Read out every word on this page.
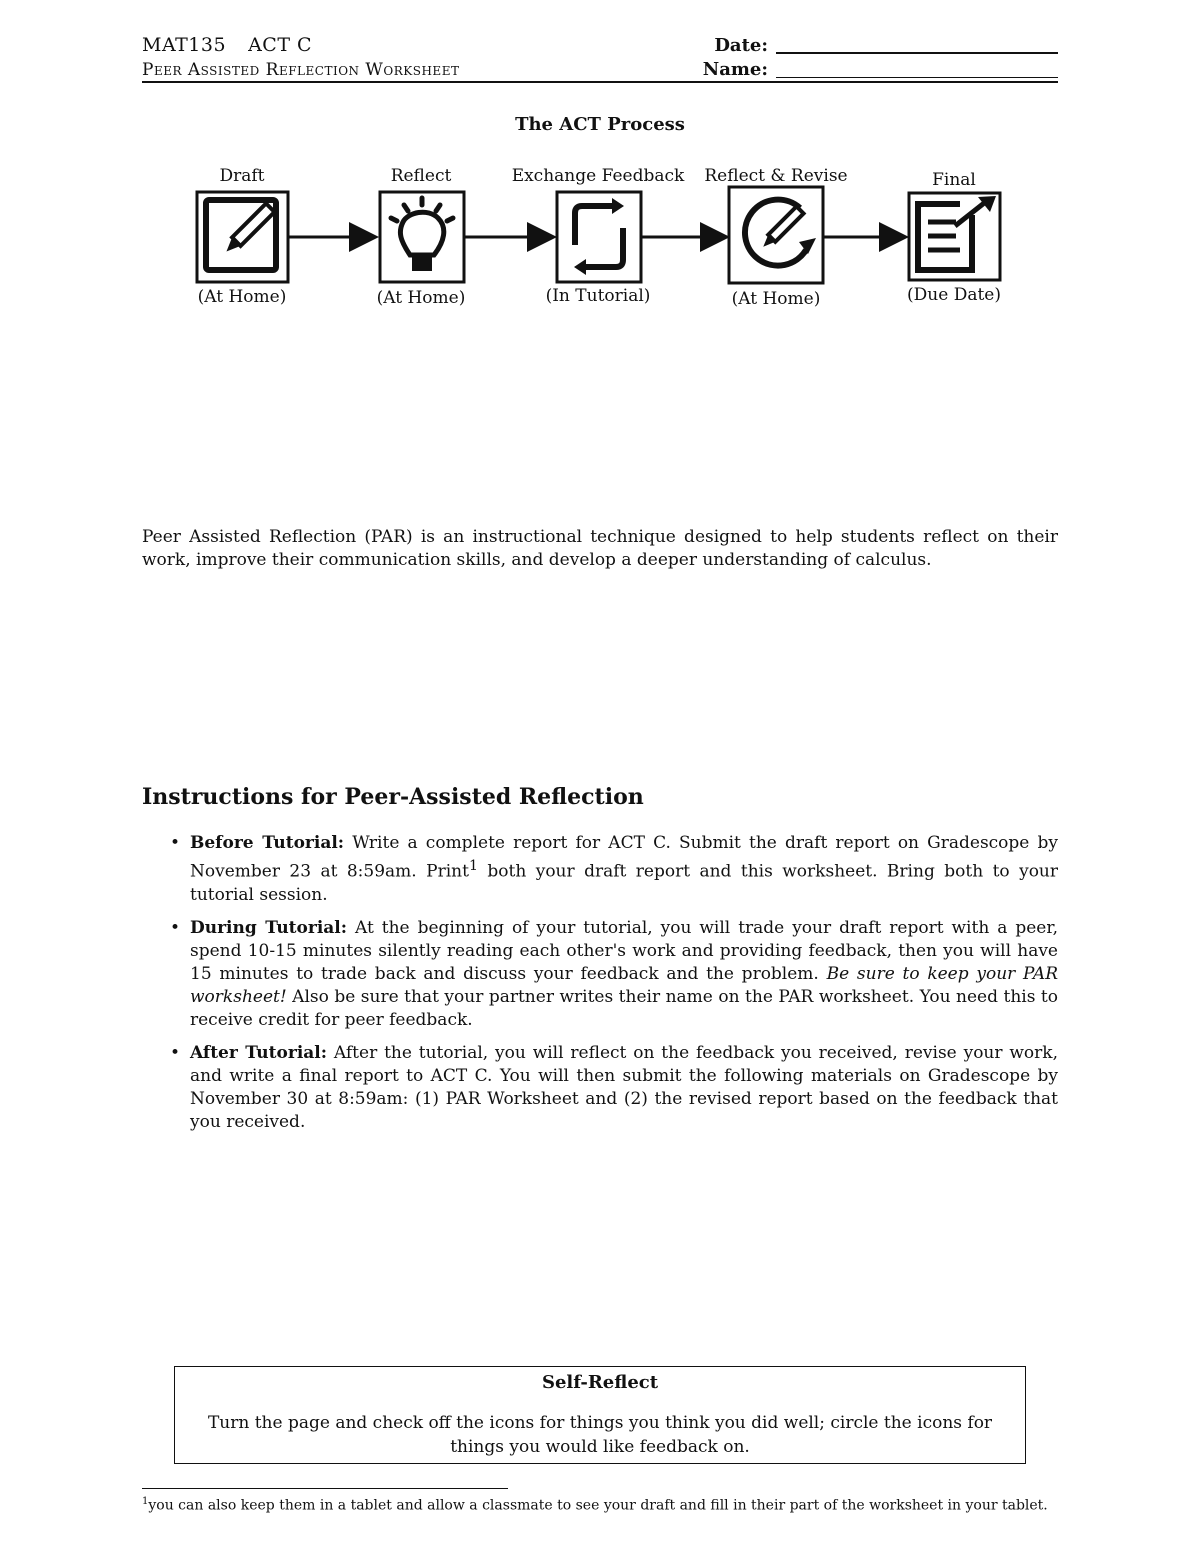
MAT135 ACT C
Peer Assisted Reflection Worksheet
Date:
Name:
The ACT Process
Draft	Reflect	Exchange Feedback	Reflect & Revise	Final
(At Home)	(At Home)	(In Tutorial)	(At Home)	(Due Date)
Peer Assisted Reflection (PAR) is an instructional technique designed to help students reflect on their work, improve their communication skills, and develop a deeper understanding of calculus.
Instructions for Peer-Assisted Reflection
• Before Tutorial: Write a complete report for ACT C. Submit the draft report on Gradescope by November 23 at 8:59am. Print$^1$ both your draft report and this worksheet. Bring both to your tutorial session.
• During Tutorial: At the beginning of your tutorial, you will trade your draft report with a peer, spend 10-15 minutes silently reading each other's work and providing feedback, then you will have 15 minutes to trade back and discuss your feedback and the problem. Be sure to keep your PAR worksheet! Also be sure that your partner writes their name on the PAR worksheet. You need this to receive credit for peer feedback.
• After Tutorial: After the tutorial, you will reflect on the feedback you received, revise your work, and write a final report to ACT C. You will then submit the following materials on Gradescope by November 30 at 8:59am: (1) PAR Worksheet and (2) the revised report based on the feedback that you received.
Self-Reflect
Turn the page and check off the icons for things you think you did well; circle the icons for things you would like feedback on.
$^1$you can also keep them in a tablet and allow a classmate to see your draft and fill in their part of the worksheet in your tablet.
